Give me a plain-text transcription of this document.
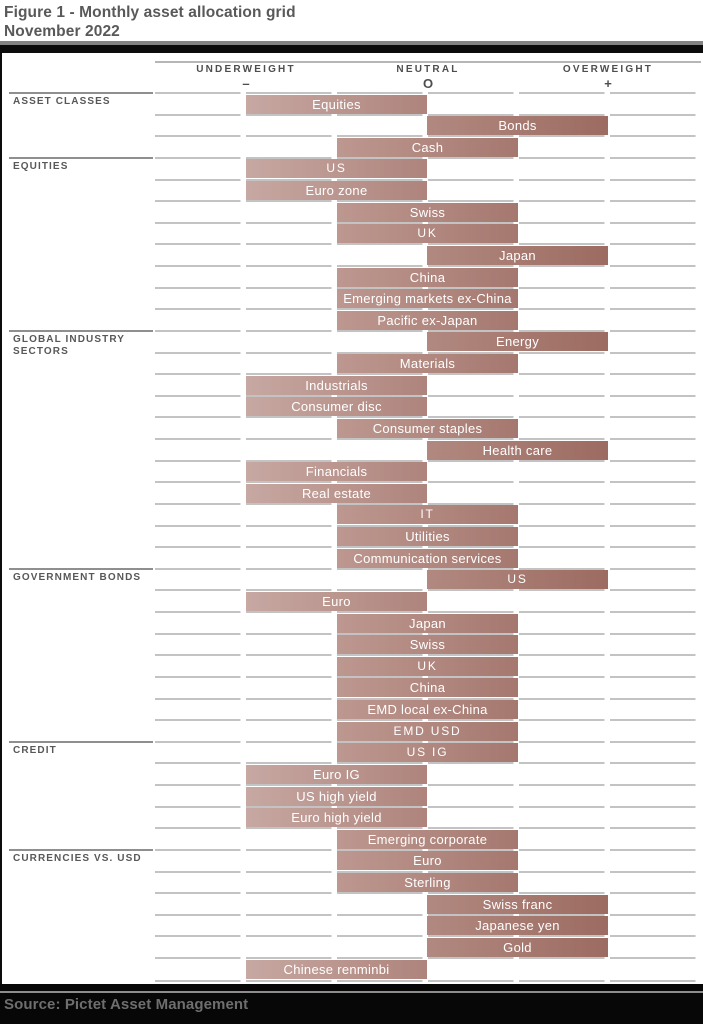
Figure 1 - Monthly asset allocation grid
November 2022
UNDERWEIGHT
–
NEUTRAL
O
OVERWEIGHT
+
Equities
Bonds
Cash
US
Euro zone
Swiss
UK
Japan
China
Emerging markets ex-China
Pacific ex-Japan
Energy
Materials
Industrials
Consumer disc
Consumer staples
Health care
Financials
Real estate
IT
Utilities
Communication services
US
Euro
Japan
Swiss
UK
China
EMD local ex-China
EMD USD
US IG
Euro IG
US high yield
Euro high yield
Emerging corporate
Euro
Sterling
Swiss franc
Japanese yen
Gold
Chinese renminbi
ASSET CLASSES
EQUITIES
GLOBAL INDUSTRY SECTORS
GOVERNMENT BONDS
CREDIT
CURRENCIES VS. USD
Source: Pictet Asset Management
